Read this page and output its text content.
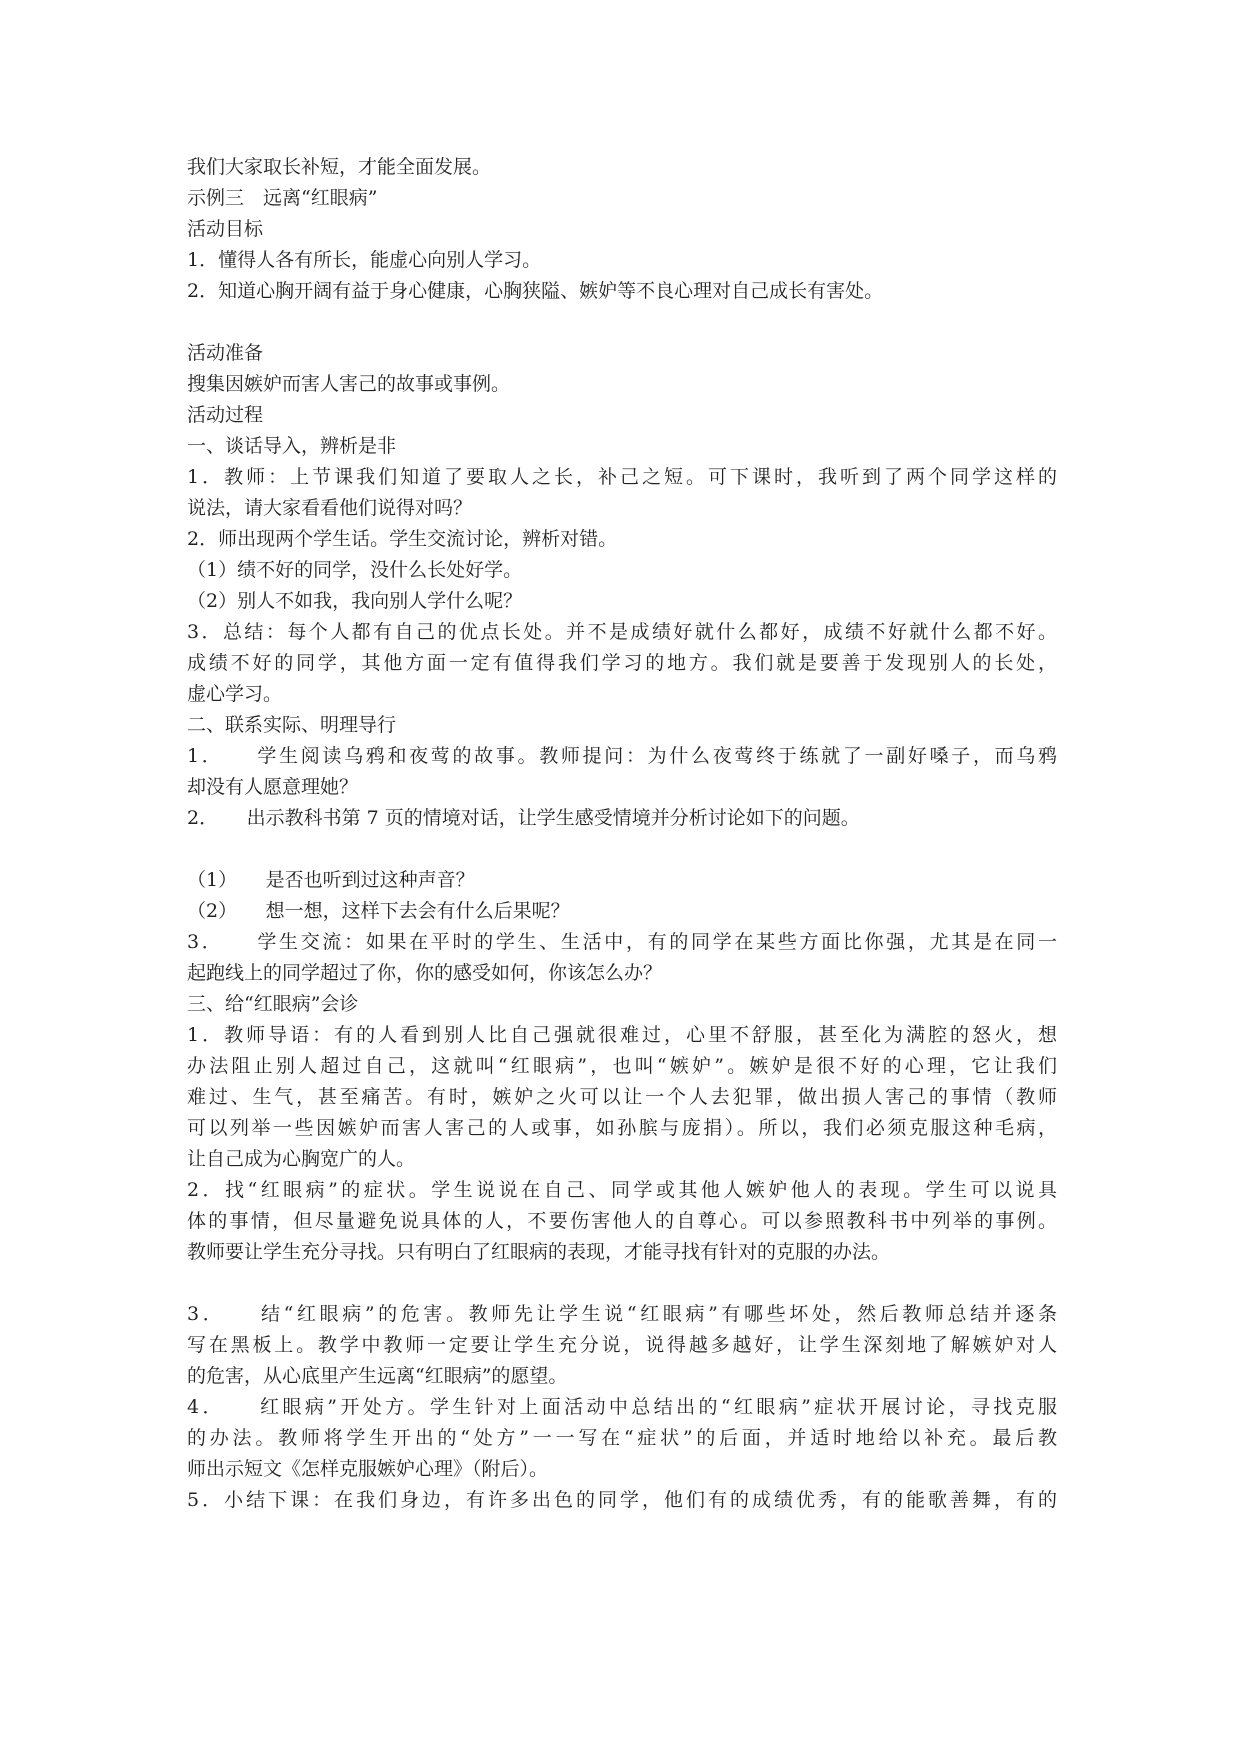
我们大家取长补短，才能全面发展。
示例三　远离“红眼病”
活动目标
1．懂得人各有所长，能虚心向别人学习。
2．知道心胸开阔有益于身心健康，心胸狭隘、嫉妒等不良心理对自己成长有害处。
活动准备
搜集因嫉妒而害人害己的故事或事例。
活动过程
一、谈话导入，辨析是非
1．教师：上节课我们知道了要取人之长，补己之短。可下课时，我听到了两个同学这样的
说法，请大家看看他们说得对吗？
2．师出现两个学生话。学生交流讨论，辨析对错。
（1）绩不好的同学，没什么长处好学。
（2）别人不如我，我向别人学什么呢？
3．总结：每个人都有自己的优点长处。并不是成绩好就什么都好，成绩不好就什么都不好。
成绩不好的同学，其他方面一定有值得我们学习的地方。我们就是要善于发现别人的长处，
虚心学习。
二、联系实际、明理导行
1．　　学生阅读乌鸦和夜莺的故事。教师提问：为什么夜莺终于练就了一副好嗓子，而乌鸦
却没有人愿意理她？
2．　　出示教科书第 7 页的情境对话，让学生感受情境并分析讨论如下的问题。
（1）　　是否也听到过这种声音？
（2）　　想一想，这样下去会有什么后果呢？
3．　　学生交流：如果在平时的学生、生活中，有的同学在某些方面比你强，尤其是在同一
起跑线上的同学超过了你，你的感受如何，你该怎么办？
三、给“红眼病”会诊
1．教师导语：有的人看到别人比自己强就很难过，心里不舒服，甚至化为满腔的怒火，想
办法阻止别人超过自己，这就叫“红眼病”，也叫“嫉妒”。嫉妒是很不好的心理，它让我们
难过、生气，甚至痛苦。有时，嫉妒之火可以让一个人去犯罪，做出损人害己的事情（教师
可以列举一些因嫉妒而害人害己的人或事，如孙膑与庞捐）。所以，我们必须克服这种毛病，
让自己成为心胸宽广的人。
2．找“红眼病”的症状。学生说说在自己、同学或其他人嫉妒他人的表现。学生可以说具
体的事情，但尽量避免说具体的人，不要伤害他人的自尊心。可以参照教科书中列举的事例。
教师要让学生充分寻找。只有明白了红眼病的表现，才能寻找有针对的克服的办法。
3．　　结“红眼病”的危害。教师先让学生说“红眼病”有哪些坏处，然后教师总结并逐条
写在黑板上。教学中教师一定要让学生充分说，说得越多越好，让学生深刻地了解嫉妒对人
的危害，从心底里产生远离“红眼病”的愿望。
4．　　红眼病”开处方。学生针对上面活动中总结出的“红眼病”症状开展讨论，寻找克服
的办法。教师将学生开出的“处方”一一写在“症状”的后面，并适时地给以补充。最后教
师出示短文《怎样克服嫉妒心理》（附后）。
5．小结下课：在我们身边，有许多出色的同学，他们有的成绩优秀，有的能歌善舞，有的
